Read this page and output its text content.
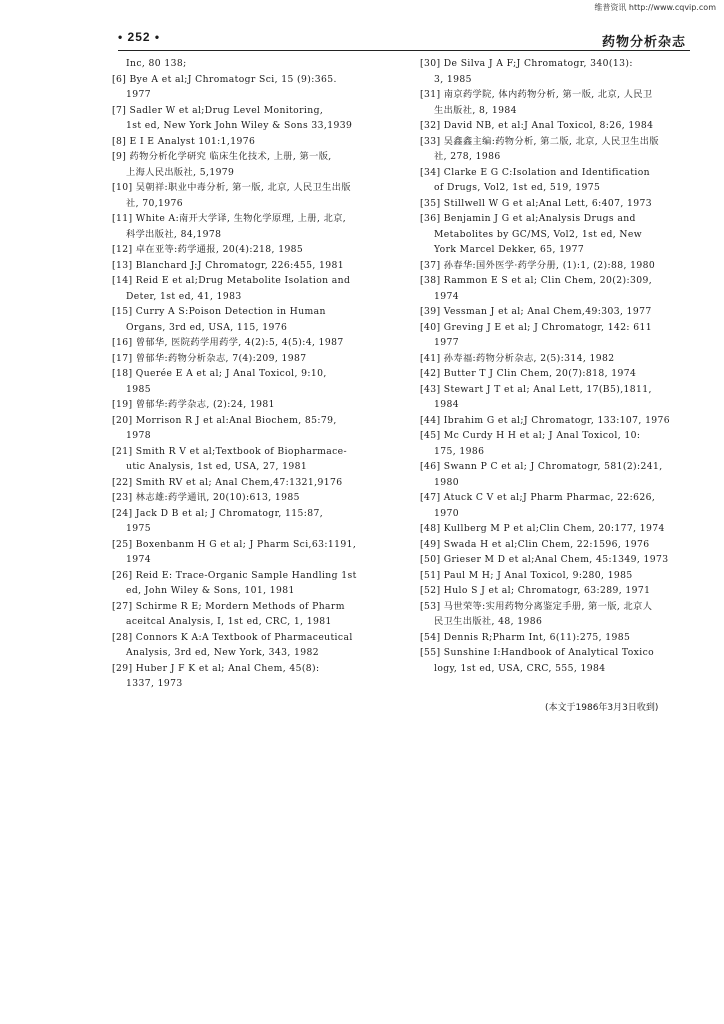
维普资讯 http://www.cqvip.com
• 252 •	药物分析杂志
Inc, 80 138;
[6] Bye A et al;J Chromatogr Sci, 15 (9):365.
1977
[7] Sadler W et al;Drug Level Monitoring,
1st ed, New York John Wiley & Sons 33,1939
[8] E I E Analyst 101:1,1976
[9] 药物分析化学研究 临床生化技术, 上册, 第一版,
上海人民出版社, 5,1979
[10] 吴朝祥:职业中毒分析, 第一版, 北京, 人民卫生出版
社, 70,1976
[11] White A:南开大学译, 生物化学原理, 上册, 北京,
科学出版社, 84,1978
[12] 卓在亚等:药学通报, 20(4):218, 1985
[13] Blanchard J:J Chromatogr, 226:455, 1981
[14] Reid E et al;Drug Metabolite Isolation and
Deter, 1st ed, 41, 1983
[15] Curry A S:Poison Detection in Human
Organs, 3rd ed, USA, 115, 1976
[16] 曾郁华, 医院药学用药学, 4(2):5, 4(5):4, 1987
[17] 曾郁华:药物分析杂志, 7(4):209, 1987
[18] Querée E A et al; J Anal Toxicol, 9:10,
1985
[19] 曾郁华:药学杂志, (2):24, 1981
[20] Morrison R J et al:Anal Biochem, 85:79,
1978
[21] Smith R V et al;Textbook of Biopharmace-
utic Analysis, 1st ed, USA, 27, 1981
[22] Smith RV et al; Anal Chem,47:1321,9176
[23] 林志雄:药学通讯, 20(10):613, 1985
[24] Jack D B et al; J Chromatogr, 115:87,
1975
[25] Boxenbanm H G et al; J Pharm Sci,63:1191,
1974
[26] Reid E: Trace-Organic Sample Handling 1st
ed, John Wiley & Sons, 101, 1981
[27] Schirme R E; Mordern Methods of Pharm
aceitcal Analysis, I, 1st ed, CRC, 1, 1981
[28] Connors K A:A Textbook of Pharmaceutical
Analysis, 3rd ed, New York, 343, 1982
[29] Huber J F K et al; Anal Chem, 45(8):
1337, 1973
[30] De Silva J A F;J Chromatogr, 340(13):
3, 1985
[31] 南京药学院, 体内药物分析, 第一版, 北京, 人民卫
生出版社, 8, 1984
[32] David NB, et al:J Anal Toxicol, 8:26, 1984
[33] 吴鑫鑫主编:药物分析, 第二版, 北京, 人民卫生出版
社, 278, 1986
[34] Clarke E G C:Isolation and Identification
of Drugs, Vol2, 1st ed, 519, 1975
[35] Stillwell W G et al;Anal Lett, 6:407, 1973
[36] Benjamin J G et al;Analysis Drugs and
Metabolites by GC/MS, Vol2, 1st ed, New
York Marcel Dekker, 65, 1977
[37] 孙春华:国外医学·药学分册, (1):1, (2):88, 1980
[38] Rammon E S et al; Clin Chem, 20(2):309,
1974
[39] Vessman J et al; Anal Chem,49:303, 1977
[40] Greving J E et al; J Chromatogr, 142: 611
1977
[41] 孙寿福:药物分析杂志, 2(5):314, 1982
[42] Butter T J Clin Chem, 20(7):818, 1974
[43] Stewart J T et al; Anal Lett, 17(B5),1811,
1984
[44] Ibrahim G et al;J Chromatogr, 133:107, 1976
[45] Mc Curdy H H et al; J Anal Toxicol, 10:
175, 1986
[46] Swann P C et al; J Chromatogr, 581(2):241,
1980
[47] Atuck C V et al;J Pharm Pharmac, 22:626,
1970
[48] Kullberg M P et al;Clin Chem, 20:177, 1974
[49] Swada H et al;Clin Chem, 22:1596, 1976
[50] Grieser M D et al;Anal Chem, 45:1349, 1973
[51] Paul M H; J Anal Toxicol, 9:280, 1985
[52] Hulo S J et al; Chromatogr, 63:289, 1971
[53] 马世荣等:实用药物分离鉴定手册, 第一版, 北京人
民卫生出版社, 48, 1986
[54] Dennis R;Pharm Int, 6(11):275, 1985
[55] Sunshine I:Handbook of Analytical Toxico
logy, 1st ed, USA, CRC, 555, 1984
(本文于1986年3月3日收到)
